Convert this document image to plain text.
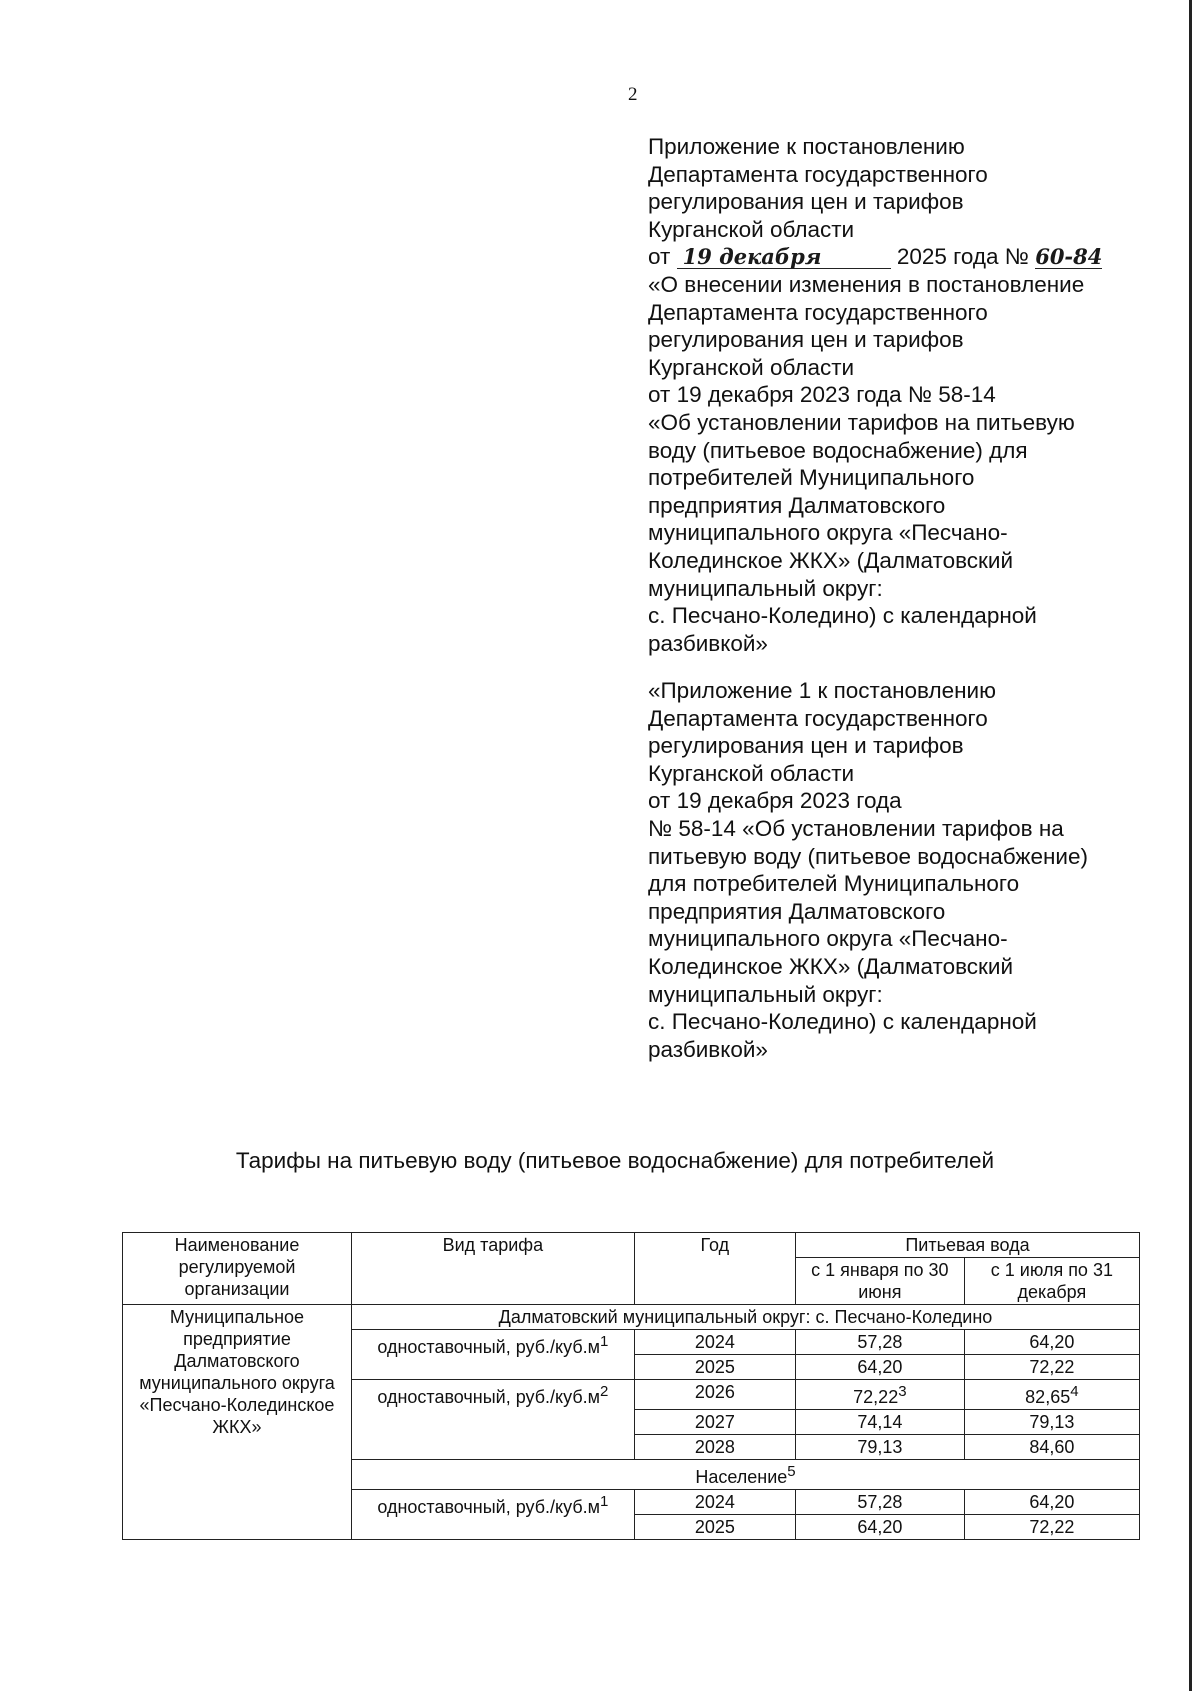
2
Приложение к постановлению
Департамента государственного
регулирования цен и тарифов
Курганской области
от 19 декабря	2025 года № 60-84
«О внесении изменения в постановление
Департамента государственного
регулирования цен и тарифов
Курганской области
от 19 декабря 2023 года № 58-14
«Об установлении тарифов на питьевую
воду (питьевое водоснабжение) для
потребителей Муниципального
предприятия Далматовского
муниципального округа «Песчано-
Колединское ЖКХ» (Далматовский
муниципальный округ:
с. Песчано-Коледино) с календарной
разбивкой»
«Приложение 1 к постановлению
Департамента государственного
регулирования цен и тарифов
Курганской области
от 19 декабря 2023 года
№ 58-14 «Об установлении тарифов на
питьевую воду (питьевое водоснабжение)
для потребителей Муниципального
предприятия Далматовского
муниципального округа «Песчано-
Колединское ЖКХ» (Далматовский
муниципальный округ:
с. Песчано-Коледино) с календарной
разбивкой»
Тарифы на питьевую воду (питьевое водоснабжение) для потребителей
Наименование регулируемой организации	Вид тарифа	Год	Питьевая вода	
			с 1 января по 30 июня	с 1 июля по 31 декабря
Муниципальное предприятие Далматовского муниципального округа «Песчано-Колединское ЖКХ»	Далматовский муниципальный округ: с. Песчано-Коледино			
	одноставочный, $руб./куб.м^1$	2024	57,28	64,20
		2025	64,20	72,22
	одноставочный, $руб./куб.м^2$	2026	72,22$^3$	82,65$^4$
		2027	74,14	79,13
		2028	79,13	84,60
	Население$^5$
	одноставочный, $руб./куб.м^1$	2024	57,28	64,20
		2025	64,20	72,22
